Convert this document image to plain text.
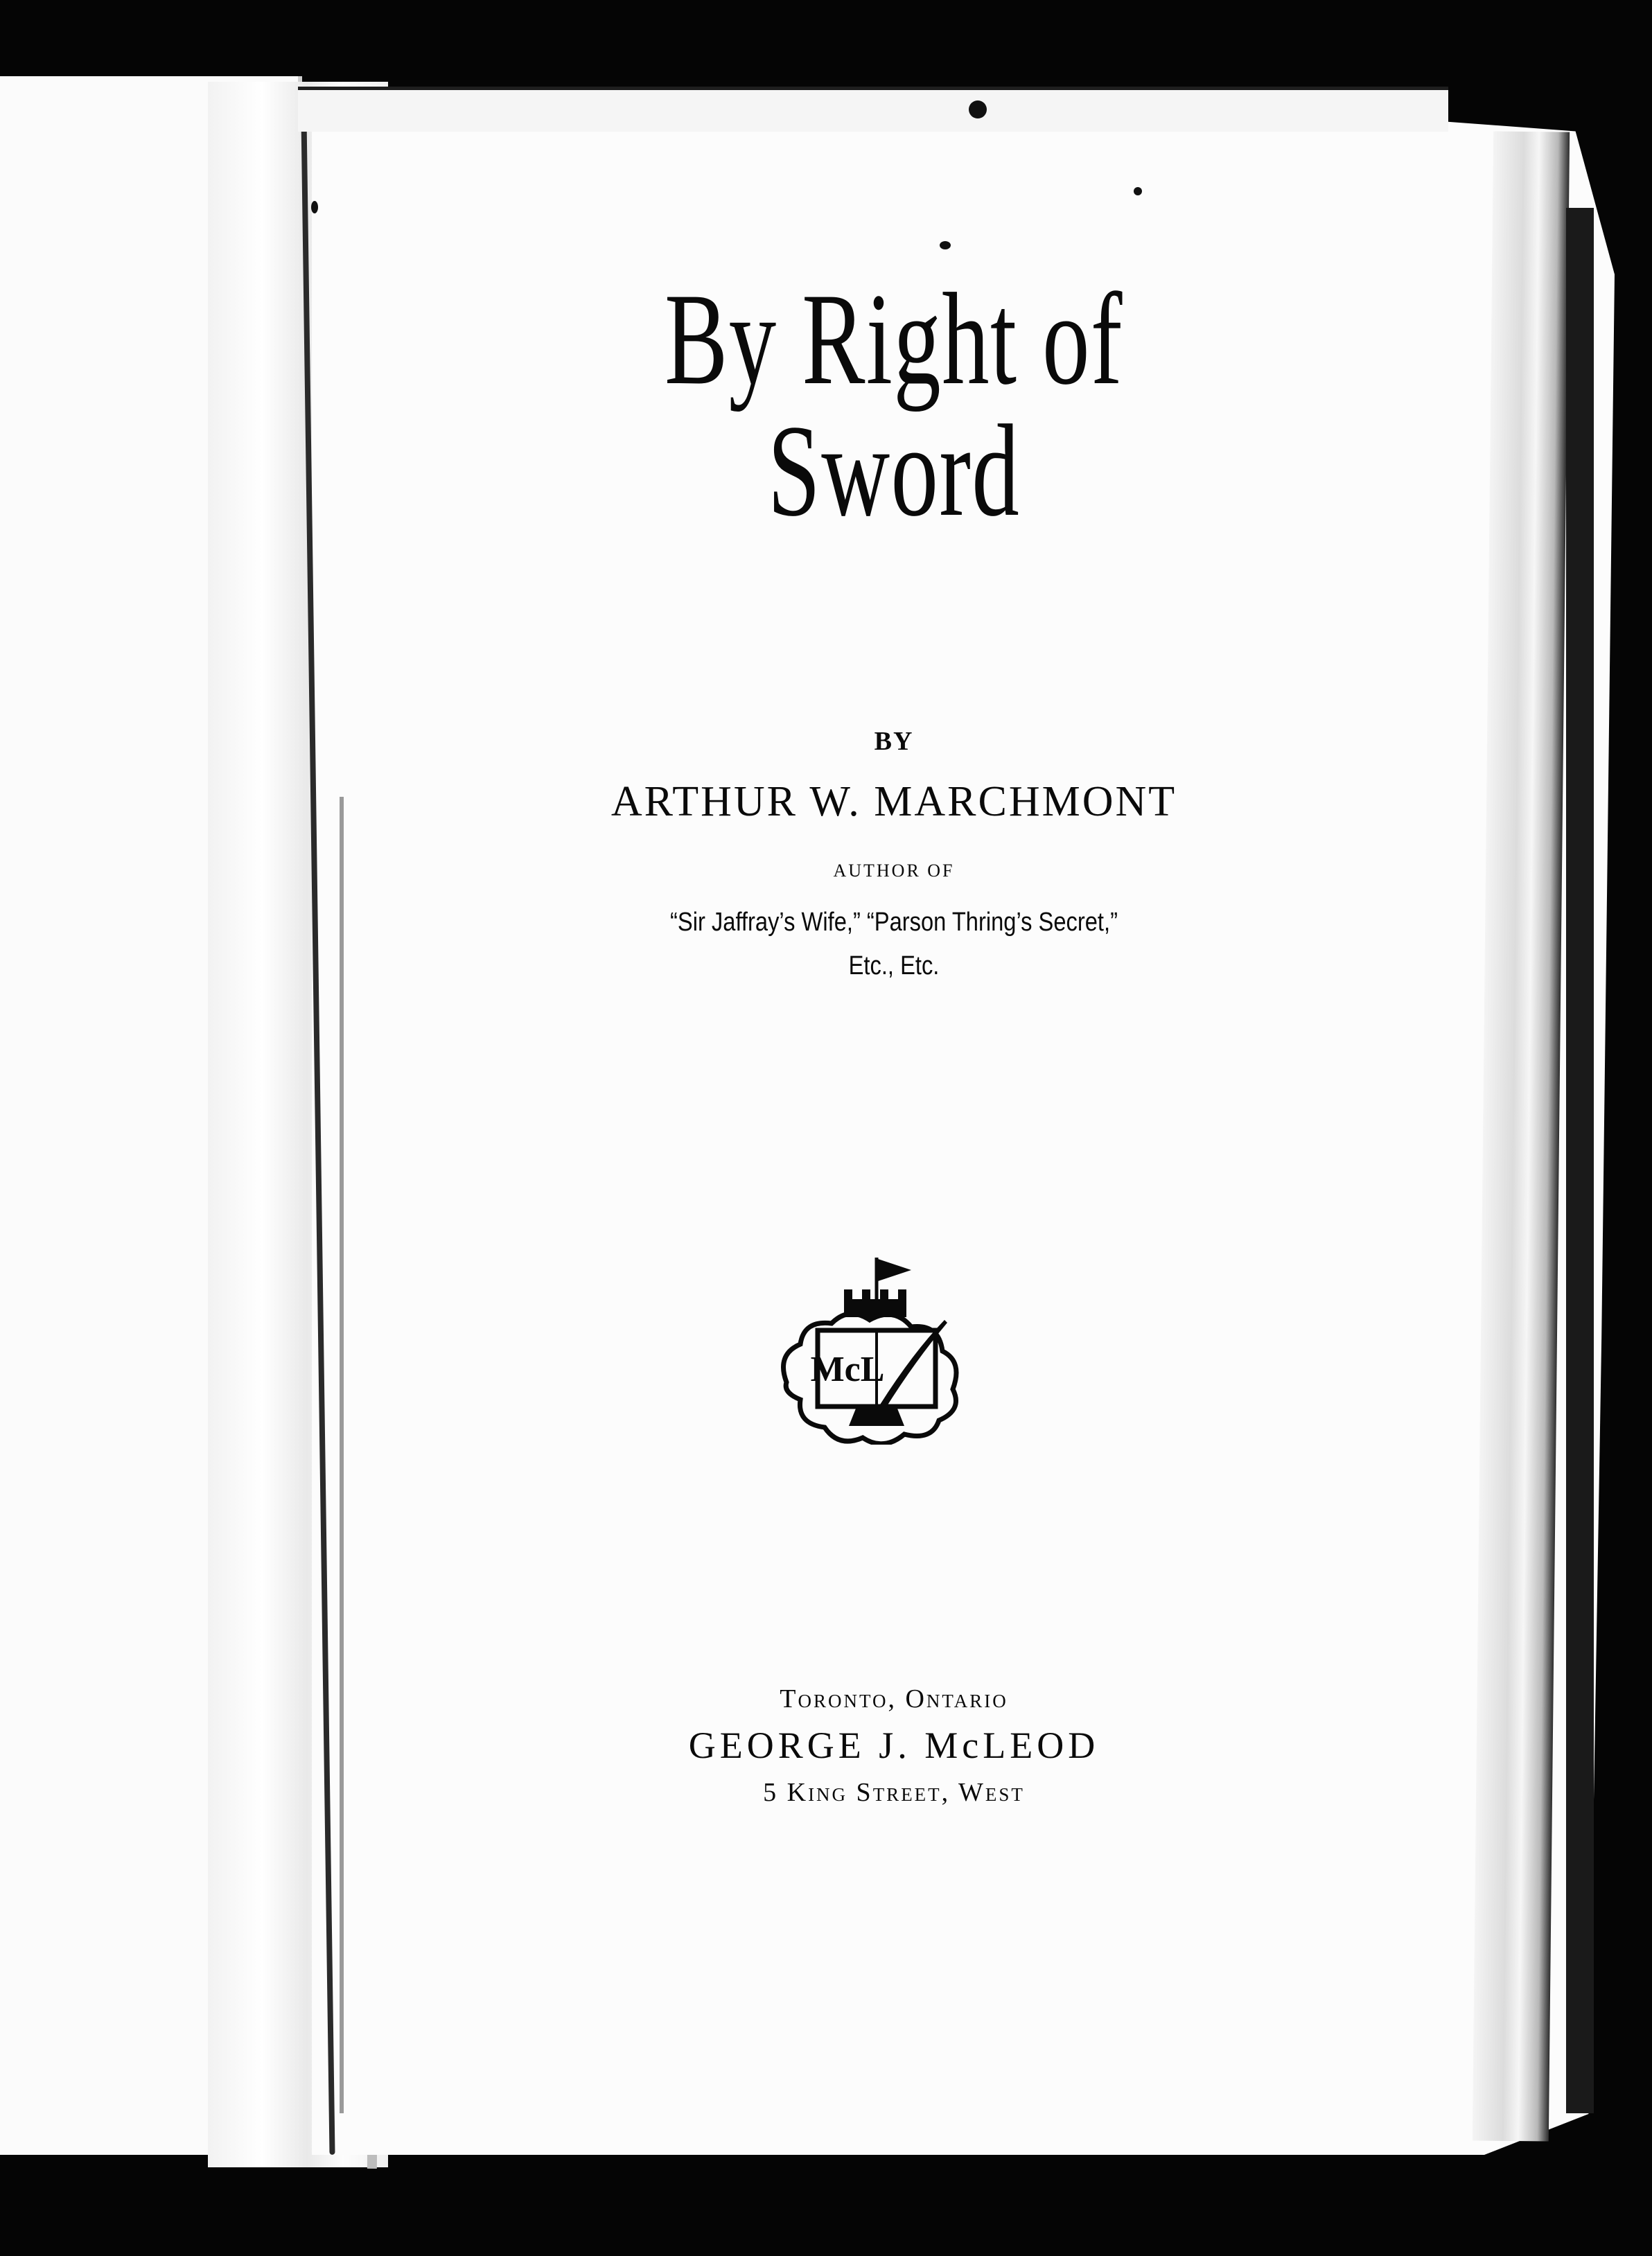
By Right of Sword
BY
ARTHUR W. MARCHMONT
AUTHOR OF
“Sir Jaffray’s Wife,” “Parson Thring’s Secret,”
Etc., Etc.
McL
Toronto, Ontario
GEORGE J. McLEOD
5 King Street, West
